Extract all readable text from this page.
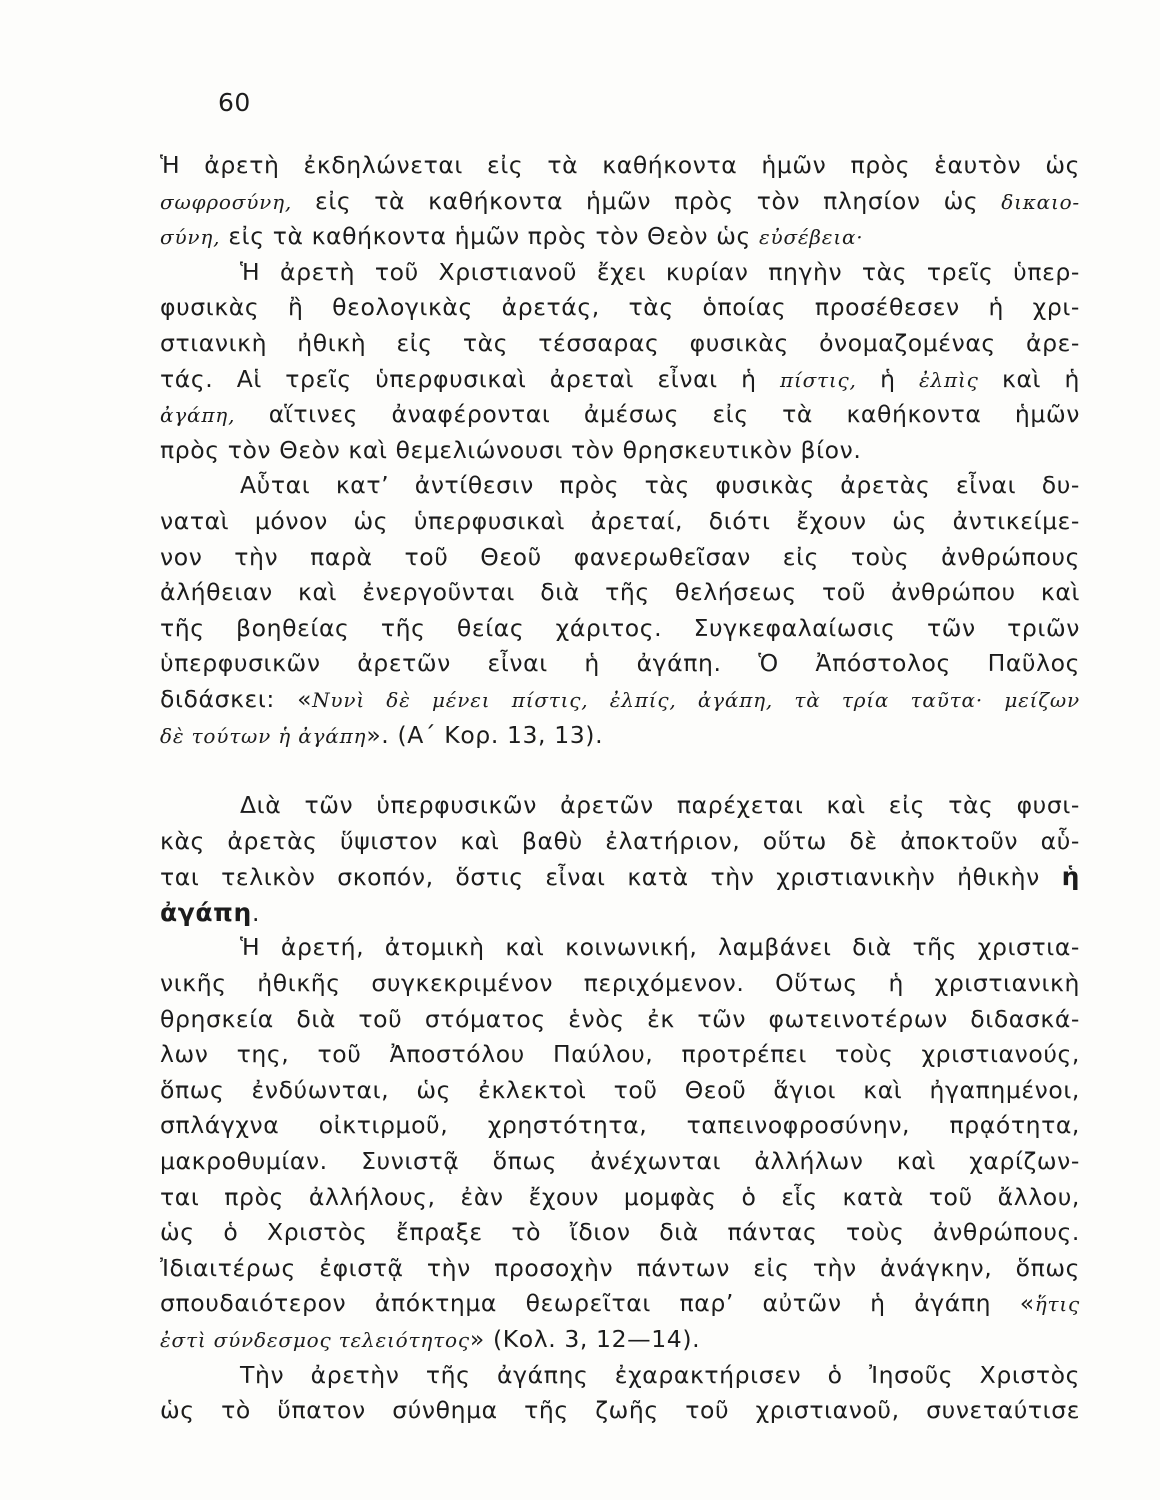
60

Ἡ ἀρετὴ ἐκδηλώνεται εἰς τὰ καθήκοντα ἡμῶν πρὸς ἑαυτὸν ὡς
σωφροσύνη, εἰς τὰ καθήκοντα ἡμῶν πρὸς τὸν πλησίον ὡς δικαιο-
σύνη, εἰς τὰ καθήκοντα ἡμῶν πρὸς τὸν Θεὸν ὡς εὐσέβεια·

Ἡ ἀρετὴ τοῦ Χριστιανοῦ ἔχει κυρίαν πηγὴν τὰς τρεῖς ὑπερ-
φυσικὰς ἢ θεολογικὰς ἀρετάς, τὰς ὁποίας προσέθεσεν ἡ χρι-
στιανικὴ ἠθικὴ εἰς τὰς τέσσαρας φυσικὰς ὀνομαζομένας ἀρε-
τάς. Αἱ τρεῖς ὑπερφυσικαὶ ἀρεταὶ εἶναι ἡ πίστις, ἡ ἐλπὶς καὶ ἡ
ἀγάπη, αἵτινες ἀναφέρονται ἀμέσως εἰς τὰ καθήκοντα ἡμῶν
πρὸς τὸν Θεὸν καὶ θεμελιώνουσι τὸν θρησκευτικὸν βίον.

Αὗται κατ’ ἀντίθεσιν πρὸς τὰς φυσικὰς ἀρετὰς εἶναι δυ-
ναταὶ μόνον ὡς ὑπερφυσικαὶ ἀρεταί, διότι ἔχουν ὡς ἀντικείμε-
νον τὴν παρὰ τοῦ Θεοῦ φανερωθεῖσαν εἰς τοὺς ἀνθρώπους
ἀλήθειαν καὶ ἐνεργοῦνται διὰ τῆς θελήσεως τοῦ ἀνθρώπου καὶ
τῆς βοηθείας τῆς θείας χάριτος. Συγκεφαλαίωσις τῶν τριῶν
ὑπερφυσικῶν ἀρετῶν εἶναι ἡ ἀγάπη. Ὁ Ἀπόστολος Παῦλος
διδάσκει: «Νυνὶ δὲ μένει πίστις, ἐλπίς, ἀγάπη, τὰ τρία ταῦτα· μείζων
δὲ τούτων ἡ ἀγάπη». (Α΄ Κορ. 13, 13).

Διὰ τῶν ὑπερφυσικῶν ἀρετῶν παρέχεται καὶ εἰς τὰς φυσι-
κὰς ἀρετὰς ὕψιστον καὶ βαθὺ ἐλατήριον, οὕτω δὲ ἀποκτοῦν αὗ-
ται τελικὸν σκοπόν, ὅστις εἶναι κατὰ τὴν χριστιανικὴν ἠθικὴν ἡ
ἀγάπη.

Ἡ ἀρετή, ἀτομικὴ καὶ κοινωνική, λαμβάνει διὰ τῆς χριστια-
νικῆς ἠθικῆς συγκεκριμένον περιχόμενον. Οὕτως ἡ χριστιανικὴ
θρησκεία διὰ τοῦ στόματος ἑνὸς ἐκ τῶν φωτεινοτέρων διδασκά-
λων της, τοῦ Ἀποστόλου Παύλου, προτρέπει τοὺς χριστιανούς,
ὅπως ἐνδύωνται, ὡς ἐκλεκτοὶ τοῦ Θεοῦ ἅγιοι καὶ ἠγαπημένοι,
σπλάγχνα οἰκτιρμοῦ, χρηστότητα, ταπεινοφροσύνην, πρᾳότητα,
μακροθυμίαν. Συνιστᾷ ὅπως ἀνέχωνται ἀλλήλων καὶ χαρίζων-
ται πρὸς ἀλλήλους, ἐὰν ἔχουν μομφὰς ὁ εἷς κατὰ τοῦ ἄλλου,
ὡς ὁ Χριστὸς ἔπραξε τὸ ἴδιον διὰ πάντας τοὺς ἀνθρώπους.
Ἰδιαιτέρως ἐφιστᾷ τὴν προσοχὴν πάντων εἰς τὴν ἀνάγκην, ὅπως
σπουδαιότερον ἀπόκτημα θεωρεῖται παρ’ αὐτῶν ἡ ἀγάπη «ἥτις
ἐστὶ σύνδεσμος τελειότητος» (Κολ. 3, 12—14).

Τὴν ἀρετὴν τῆς ἀγάπης ἐχαρακτήρισεν ὁ Ἰησοῦς Χριστὸς
ὡς τὸ ὕπατον σύνθημα τῆς ζωῆς τοῦ χριστιανοῦ, συνεταύτισε
